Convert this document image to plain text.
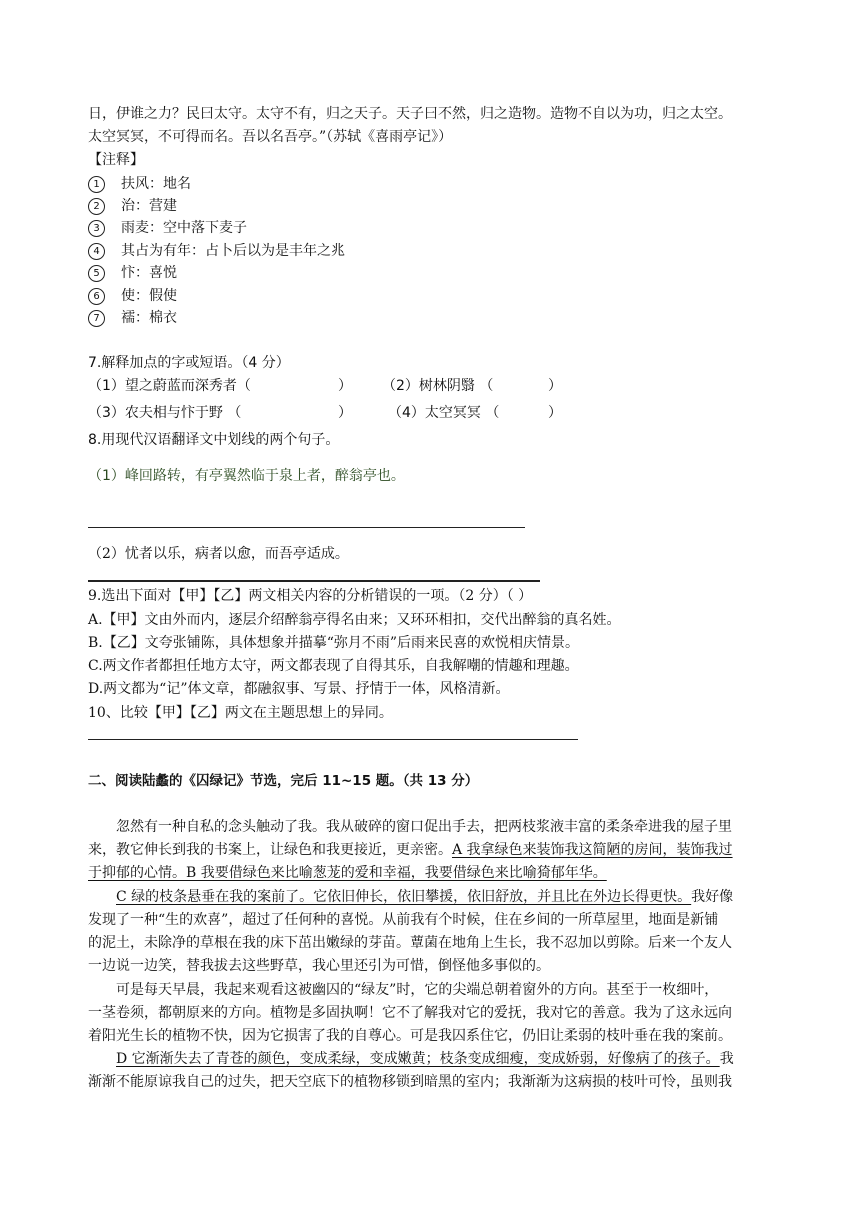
日，伊谁之力？民曰太守。太守不有，归之天子。天子曰不然，归之造物。造物不自以为功，归之太空。
太空冥冥，不可得而名。吾以名吾亭。”（苏轼《喜雨亭记》）
【注释】
1 扶风：地名
2 治：营建
3 雨麦：空中落下麦子
4 其占为有年：占卜后以为是丰年之兆
5 忭：喜悦
6 使：假使
7 襦：棉衣
7.解释加点的字或短语。（4 分）
（1）望之蔚蓝而深秀者（	） （2）树林阴翳 （	）
（3）农夫相与忭于野 （	）	（4）太空冥冥 （	）
8.用现代汉语翻译文中划线的两个句子。
（1）峰回路转，有亭翼然临于泉上者，醉翁亭也。
（2）忧者以乐，病者以愈，而吾亭适成。
9.选出下面对【甲】【乙】两文相关内容的分析错误的一项。（2 分）（ ）
A.【甲】文由外而内，逐层介绍醉翁亭得名由来；又环环相扣，交代出醉翁的真名姓。
B.【乙】文夸张铺陈，具体想象并描摹“弥月不雨”后雨来民喜的欢悦相庆情景。
C.两文作者都担任地方太守，两文都表现了自得其乐，自我解嘲的情趣和理趣。
D.两文都为“记”体文章，都融叙事、写景、抒情于一体，风格清新。
10、比较【甲】【乙】两文在主题思想上的异同。
二、阅读陆蠡的《囚绿记》节选，完后 11~15 题。（共 13 分）
忽然有一种自私的念头触动了我。我从破碎的窗口促出手去，把两枝浆液丰富的柔条牵进我的屋子里
来，教它伸长到我的书案上，让绿色和我更接近，更亲密。A 我拿绿色来装饰我这简陋的房间，装饰我过
于抑郁的心情。B 我要借绿色来比喻葱茏的爱和幸福，我要借绿色来比喻猗郁年华。
C 绿的枝条悬垂在我的案前了。它依旧伸长，依旧攀援，依旧舒放，并且比在外边长得更快。我好像
发现了一种“生的欢喜”，超过了任何种的喜悦。从前我有个时候，住在乡间的一所草屋里，地面是新铺
的泥土，未除净的草根在我的床下茁出嫩绿的芽苗。蕈菌在地角上生长，我不忍加以剪除。后来一个友人
一边说一边笑，替我拔去这些野草，我心里还引为可惜，倒怪他多事似的。
可是每天早晨，我起来观看这被幽囚的“绿友”时，它的尖端总朝着窗外的方向。甚至于一枚细叶，
一茎卷须，都朝原来的方向。植物是多固执啊！它不了解我对它的爱抚，我对它的善意。我为了这永远向
着阳光生长的植物不快，因为它损害了我的自尊心。可是我囚系住它，仍旧让柔弱的枝叶垂在我的案前。
D 它渐渐失去了青苍的颜色，变成柔绿，变成嫩黄；枝条变成细瘦，变成娇弱，好像病了的孩子。我
渐渐不能原谅我自己的过失，把天空底下的植物移锁到暗黑的室内；我渐渐为这病损的枝叶可怜，虽则我
